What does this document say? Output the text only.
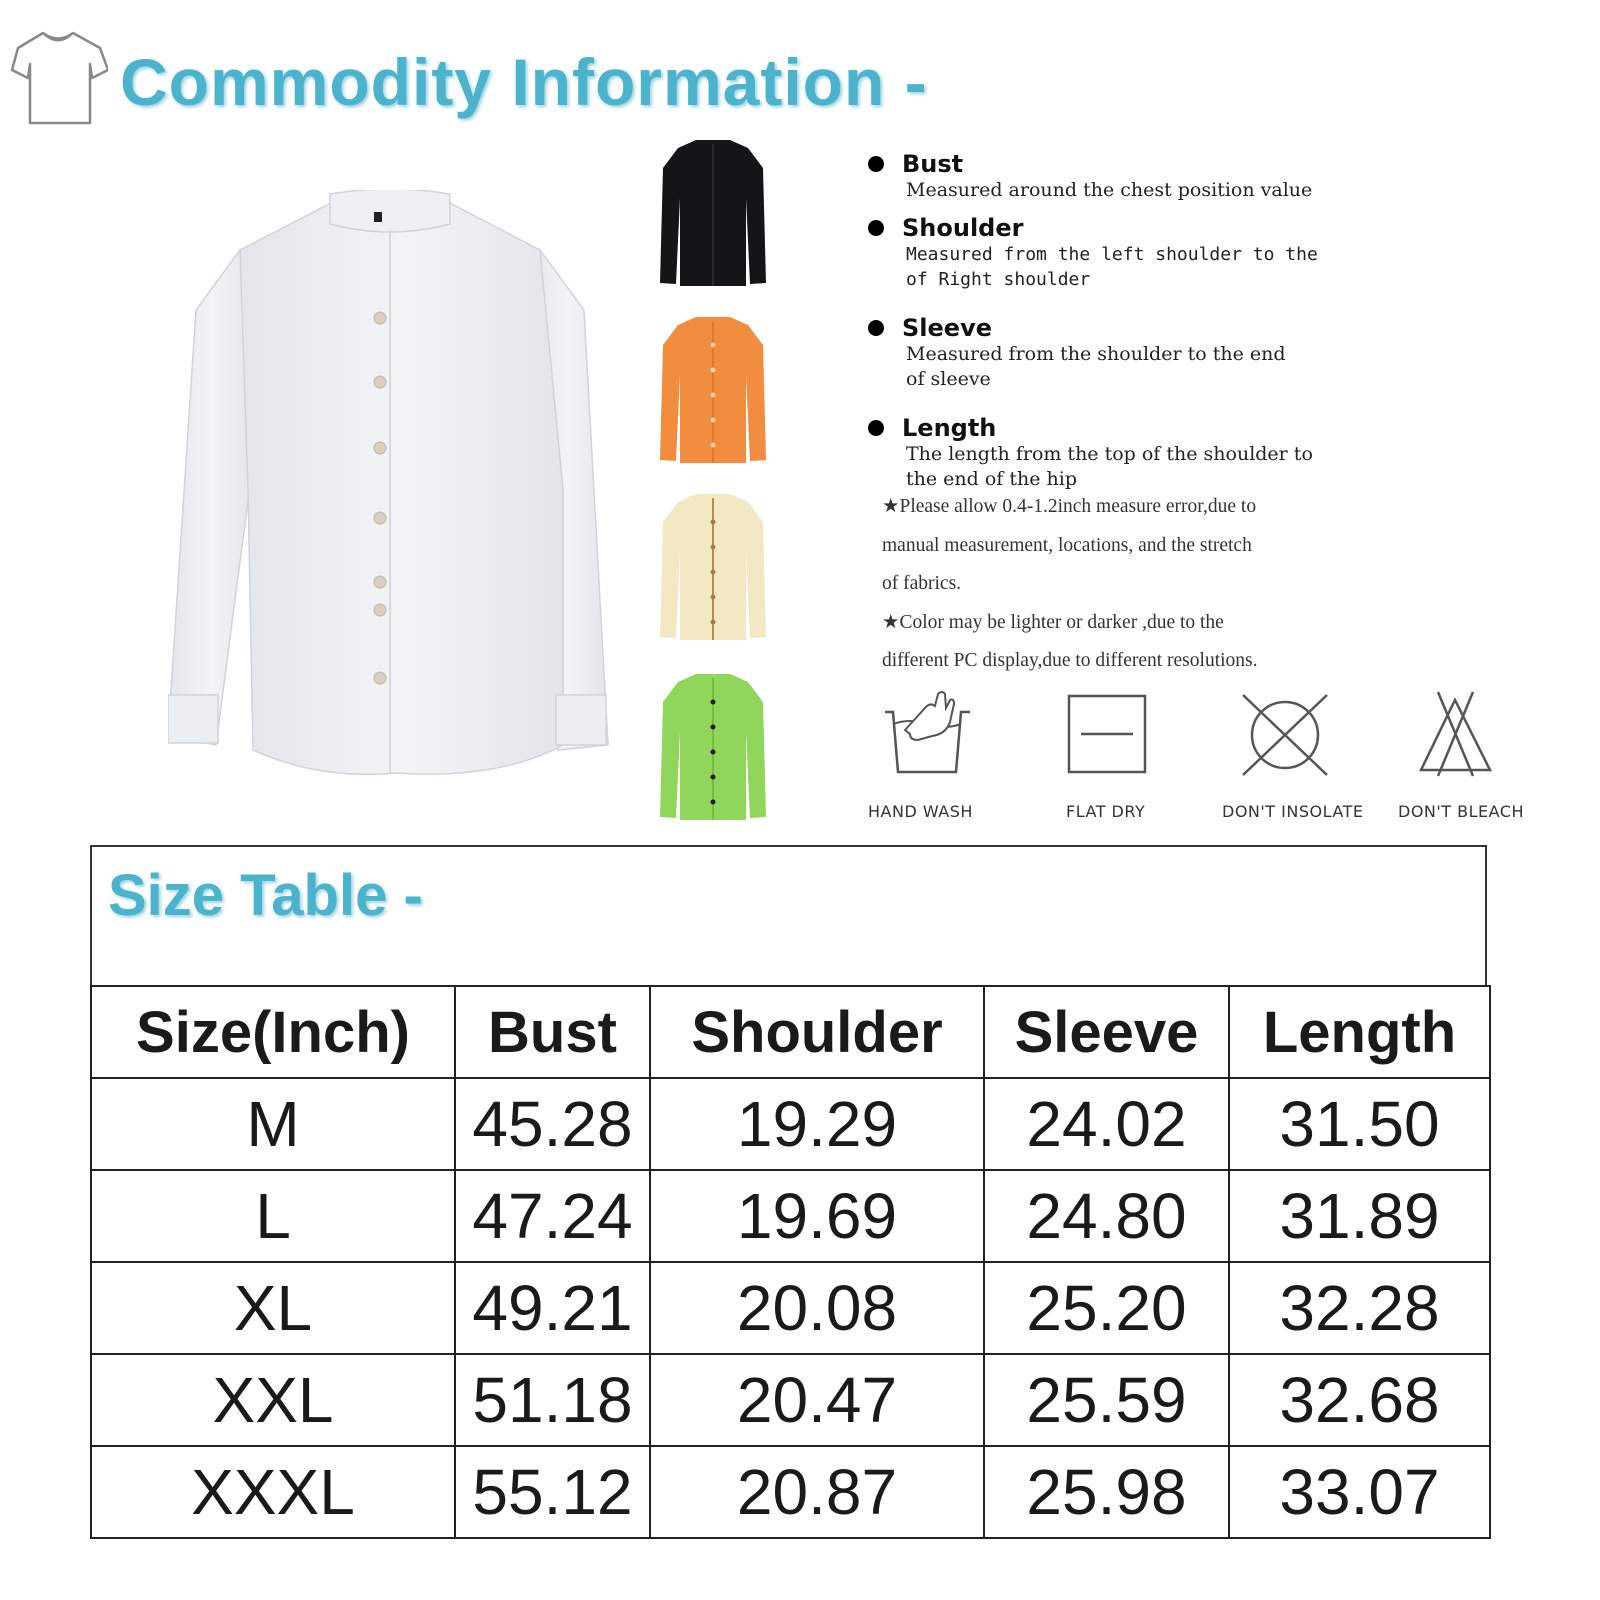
Commodity Information -
Bust
Measured around the chest position value
Shoulder
Measured from the left shoulder to the
of Right shoulder
Sleeve
Measured from the shoulder to the end
of sleeve
Length
The length from the top of the shoulder to
the end of the hip
★Please allow 0.4-1.2inch measure error,due to
manual measurement, locations, and the stretch
of fabrics.
★Color may be lighter or darker ,due to the
different PC display,due to different resolutions.
HAND WASH	FLAT DRY	DON'T INSOLATE DON'T BLEACH
Size Table -
Size(Inch)	Bust	Shoulder	Sleeve	Length
M	45.28	19.29	24.02	31.50
L	47.24	19.69	24.80	31.89
XL	49.21	20.08	25.20	32.28
XXL	51.18	20.47	25.59	32.68
XXXL	55.12	20.87	25.98	33.07
